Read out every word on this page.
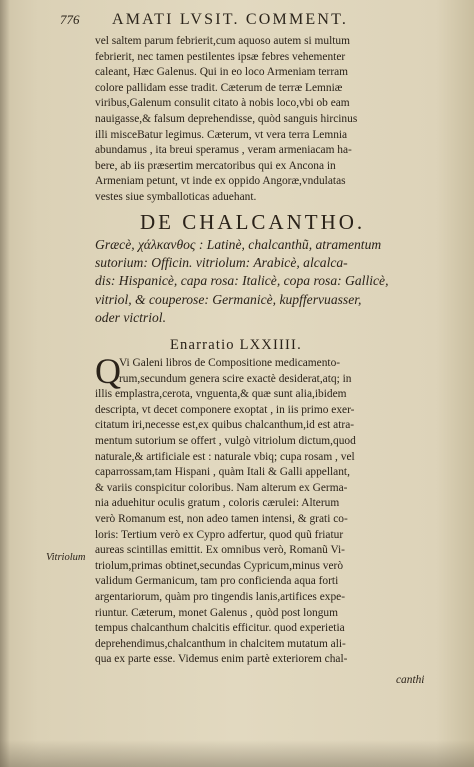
776 AMATI LVSIT. COMMENT.
vel saltem parum febrierit,cum aquoso autem si multum
febrierit, nec tamen pestilentes ipsæ febres vehementer
caleant, Hæc Galenus. Qui in eo loco Armeniam terram
colore pallidam esse tradit. Cæterum de terræ Lemniæ
viribus,Galenum consulit citato à nobis loco,vbi ob eam
nauigasse,& falsum deprehendisse, quòd sanguis hircinus
illi misceBatur legimus. Cæterum, vt vera terra Lemnia
abundamus , ita breui speramus , veram armeniacam ha-
bere, ab iis præsertim mercatoribus qui ex Ancona in
Armeniam petunt, vt inde ex oppido Angoræ,vndulatas
vestes siue symballoticas aduehant.
DE CHALCANTHO.
Græcè, χάλκανθος : Latinè, chalcanthũ, atramentum
sutorium: Officin. vitriolum: Arabicè, alcalca-
dis: Hispanicè, capa rosa: Italicè, copa rosa: Gallicè,
vitriol, & couperose: Germanicè, kupffervuasser,
oder victriol.
Enarratio LXXIIII.
Q
Vi Galeni libros de Compositione medicamento-
rum,secundum genera scire exactè desiderat,atq; in
illis emplastra,cerota, vnguenta,& quæ sunt alia,ibidem
descripta, vt decet componere exoptat , in iis primo exer-
citatum iri,necesse est,ex quibus chalcanthum,id est atra-
mentum sutorium se offert , vulgò vitriolum dictum,quod
naturale,& artificiale est : naturale vbiq; cupa rosam , vel
caparrossam,tam Hispani , quàm Itali & Galli appellant,
& variis conspicitur coloribus. Nam alterum ex Germa-
nia aduehitur oculis gratum , coloris cærulei: Alterum
verò Romanum est, non adeo tamen intensi, & grati co-
loris: Tertium verò ex Cypro adfertur, quod quũ friatur
aureas scintillas emittit. Ex omnibus verò, Romanũ Vi-
triolum,primas obtinet,secundas Cypricum,minus verò
validum Germanicum, tam pro conficienda aqua forti
argentariorum, quàm pro tingendis lanis,artifices expe-
riuntur. Cæterum, monet Galenus , quòd post longum
tempus chalcanthum chalcitis efficitur. quod experietia
deprehendimus,chalcanthum in chalcitem mutatum ali-
qua ex parte esse. Videmus enim partè exteriorem chal-
Vitriolum
canthi
